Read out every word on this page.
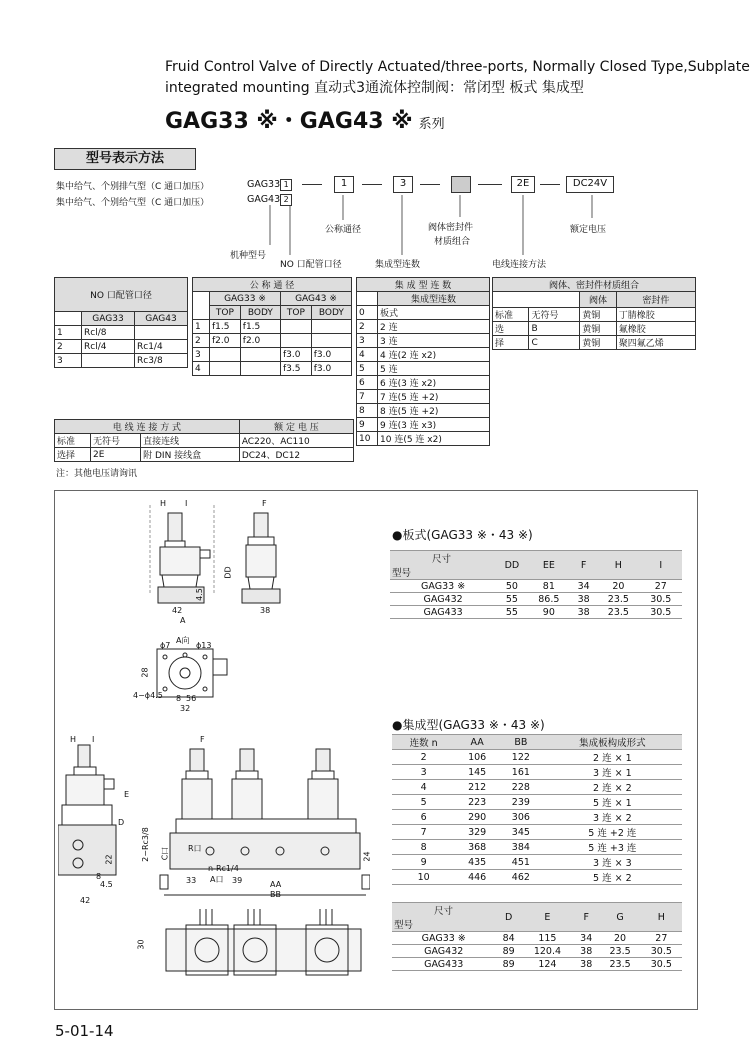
Fruid Control Valve of Directly Actuated/three-ports, Normally Closed Type,Subplate
integrated mounting 直动式3通流体控制阀：常闭型 板式 集成型
GAG33 ※・GAG43 ※ 系列
型号表示方法
集中给气、个别排气型（C 通口加压）
集中给气、个别给气型（C 通口加压）
GAG33 1
GAG43 2
1	3	2E	DC24V
机种型号
NO 口配管口径
公称通径
集成型连数
阀体密封件
材质组合
电线连接方法
额定电压
NO 口配管口径		
	GAG33	GAG43
1	Rcl/8	
2	Rcl/4	Rc1/4
3		Rc3/8
公 称 通 径				
	GAG33 ※		GAG43 ※	
	TOP	BODY	TOP	BODY
1	f1.5	f1.5		
2	f2.0	f2.0		
3			f3.0	f3.0
4			f3.5	f3.0
集 成 型 连 数	
	集成型连数
0	板式
2	2 连
3	3 连
4	4 连(2 连 x2)
5	5 连
6	6 连(3 连 x2)
7	7 连(5 连 +2)
8	8 连(5 连 +2)
9	9 连(3 连 x3)
10	10 连(5 连 x2)
阀体、密封件材质组合			
		阀体	密封件
标准	无符号	黄铜	丁腈橡胶
选	B	黄铜	氟橡胶
择	C	黄铜	聚四氟乙烯
电 线 连 接 方 式			额 定 电 压
标准	无符号	直接连线	AC220、AC110
选择	2E	附 DIN 接线盒	DC24、DC12
注：其他电压请询讯
H I	F
DD
4.5
42	38
A
A向
ϕ7	ϕ13
28
4−ϕ4.5 8 56
32
●板式(GAG33 ※・43 ※)
尺寸
型号	DD	EE	F	H	I
GAG33 ※	50	81	34	20	27
GAG432	55	86.5	38	23.5	30.5
GAG433	55	90	38	23.5	30.5
H I
E
D
22	2−Rc3/8
8
4.5
42
F
C口 R口
n-Rc1/4
A口
33	39	AA
BB
24
30
●集成型(GAG33 ※・43 ※)
连数 n	AA	BB	集成板构成形式
2	106	122	2 连 × 1
3	145	161	3 连 × 1
4	212	228	2 连 × 2
5	223	239	5 连 × 1
6	290	306	3 连 × 2
7	329	345	5 连 +2 连
8	368	384	5 连 +3 连
9	435	451	3 连 × 3
10	446	462	5 连 × 2
尺寸
型号	D	E	F	G	H
GAG33 ※	84	115	34	20	27
GAG432	89	120.4	38	23.5	30.5
GAG433	89	124	38	23.5	30.5
5-01-14
